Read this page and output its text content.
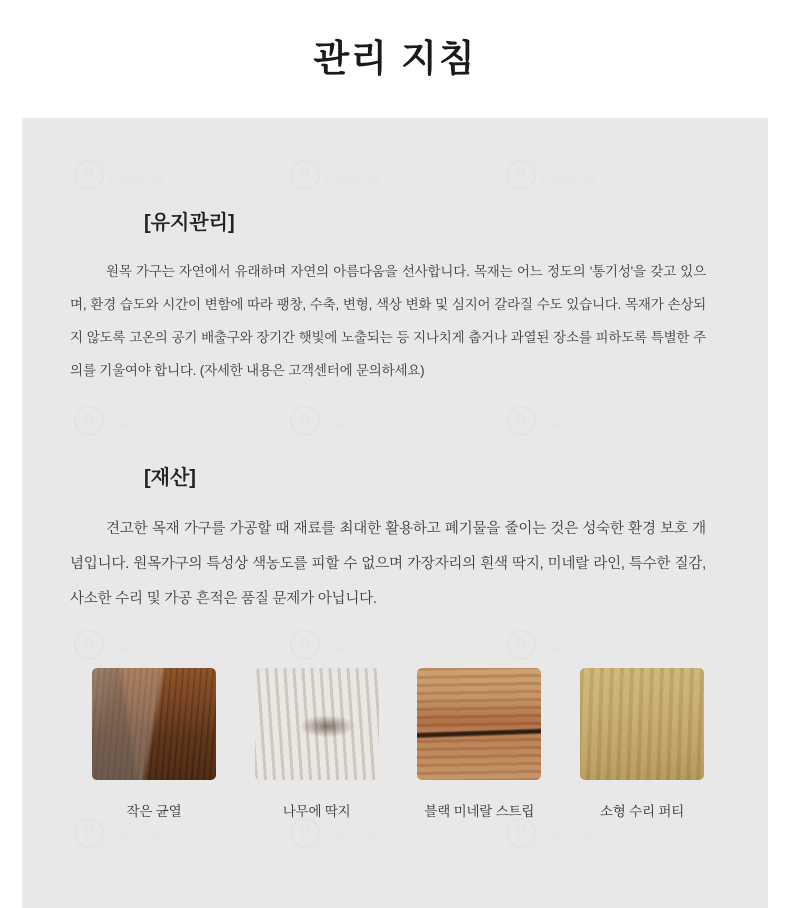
관리 지침
R	가구 나라
FURNITURE	R	가구 나라
FURNITURE	R	가구 나라
FURNITURE
R	가구 나라
FURNITURE	R	가구 나라
FURNITURE	R	가구 나라
FURNITURE
R	가구 나라
FURNITURE	R	가구 나라
FURNITURE	R	가구 나라
FURNITURE
R	가구 나라
FURNITURE	R	가구 나라
FURNITURE	R	가구 나라
FURNITURE
[유지관리]

원목 가구는 자연에서 유래하며 자연의 아름다움을 선사합니다. 목재는 어느 정도의 '통기성'을 갖고 있으며, 환경 습도와 시간이 변함에 따라 팽창, 수축, 변형, 색상 변화 및 심지어 갈라질 수도 있습니다. 목재가 손상되지 않도록 고온의 공기 배출구와 장기간 햇빛에 노출되는 등 지나치게 춥거나 과열된 장소를 피하도록 특별한 주의를 기울여야 합니다. (자세한 내용은 고객센터에 문의하세요)

[재산]

견고한 목재 가구를 가공할 때 재료를 최대한 활용하고 폐기물을 줄이는 것은 성숙한 환경 보호 개념입니다. 원목가구의 특성상 색농도를 피할 수 없으며 가장자리의 흰색 딱지, 미네랄 라인, 특수한 질감, 사소한 수리 및 가공 흔적은 품질 문제가 아닙니다.

작은 균열	나무에 딱지	블랙 미네랄 스트립	소형 수리 퍼티
